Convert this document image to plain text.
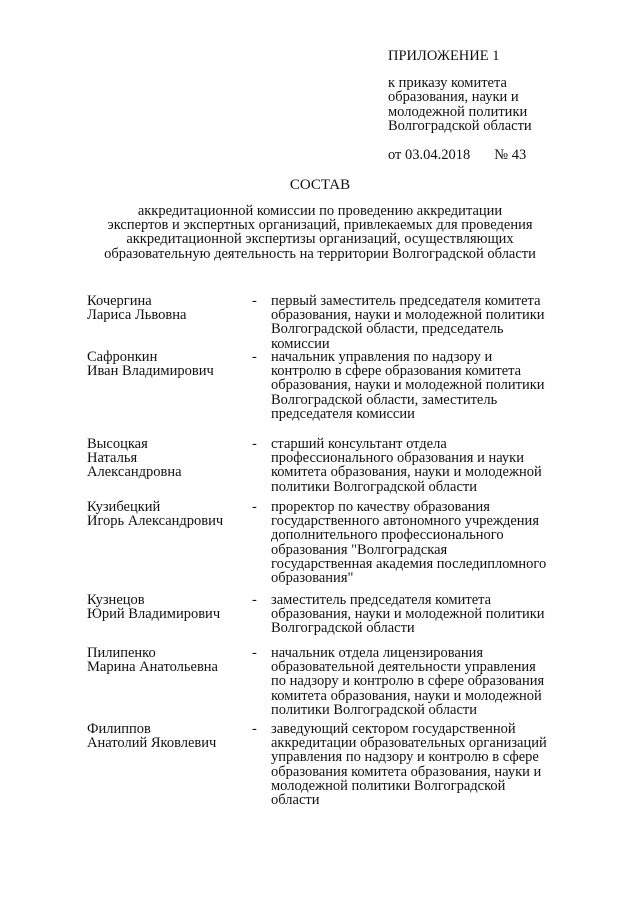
ПРИЛОЖЕНИЕ 1
к приказу комитета
образования, науки и
молодежной политики
Волгоградской области
от 03.04.2018 № 43
СОСТАВ
аккредитационной комиссии по проведению аккредитации
экспертов и экспертных организаций, привлекаемых для проведения
аккредитационной экспертизы организаций, осуществляющих
образовательную деятельность на территории Волгоградской области
Кочергина
Лариса Львовна
- первый заместитель председателя комитета
образования, науки и молодежной политики
Волгоградской области, председатель
комиссии
Сафронкин
Иван Владимирович
- начальник управления по надзору и
контролю в сфере образования комитета
образования, науки и молодежной политики
Волгоградской области, заместитель
председателя комиссии
Высоцкая
Наталья
Александровна
- старший консультант отдела
профессионального образования и науки
комитета образования, науки и молодежной
политики Волгоградской области
Кузибецкий
Игорь Александрович
- проректор по качеству образования
государственного автономного учреждения
дополнительного профессионального
образования "Волгоградская
государственная академия последипломного
образования"
Кузнецов
Юрий Владимирович
- заместитель председателя комитета
образования, науки и молодежной политики
Волгоградской области
Пилипенко
Марина Анатольевна
- начальник отдела лицензирования
образовательной деятельности управления
по надзору и контролю в сфере образования
комитета образования, науки и молодежной
политики Волгоградской области
Филиппов
Анатолий Яковлевич
- заведующий сектором государственной
аккредитации образовательных организаций
управления по надзору и контролю в сфере
образования комитета образования, науки и
молодежной политики Волгоградской
области
